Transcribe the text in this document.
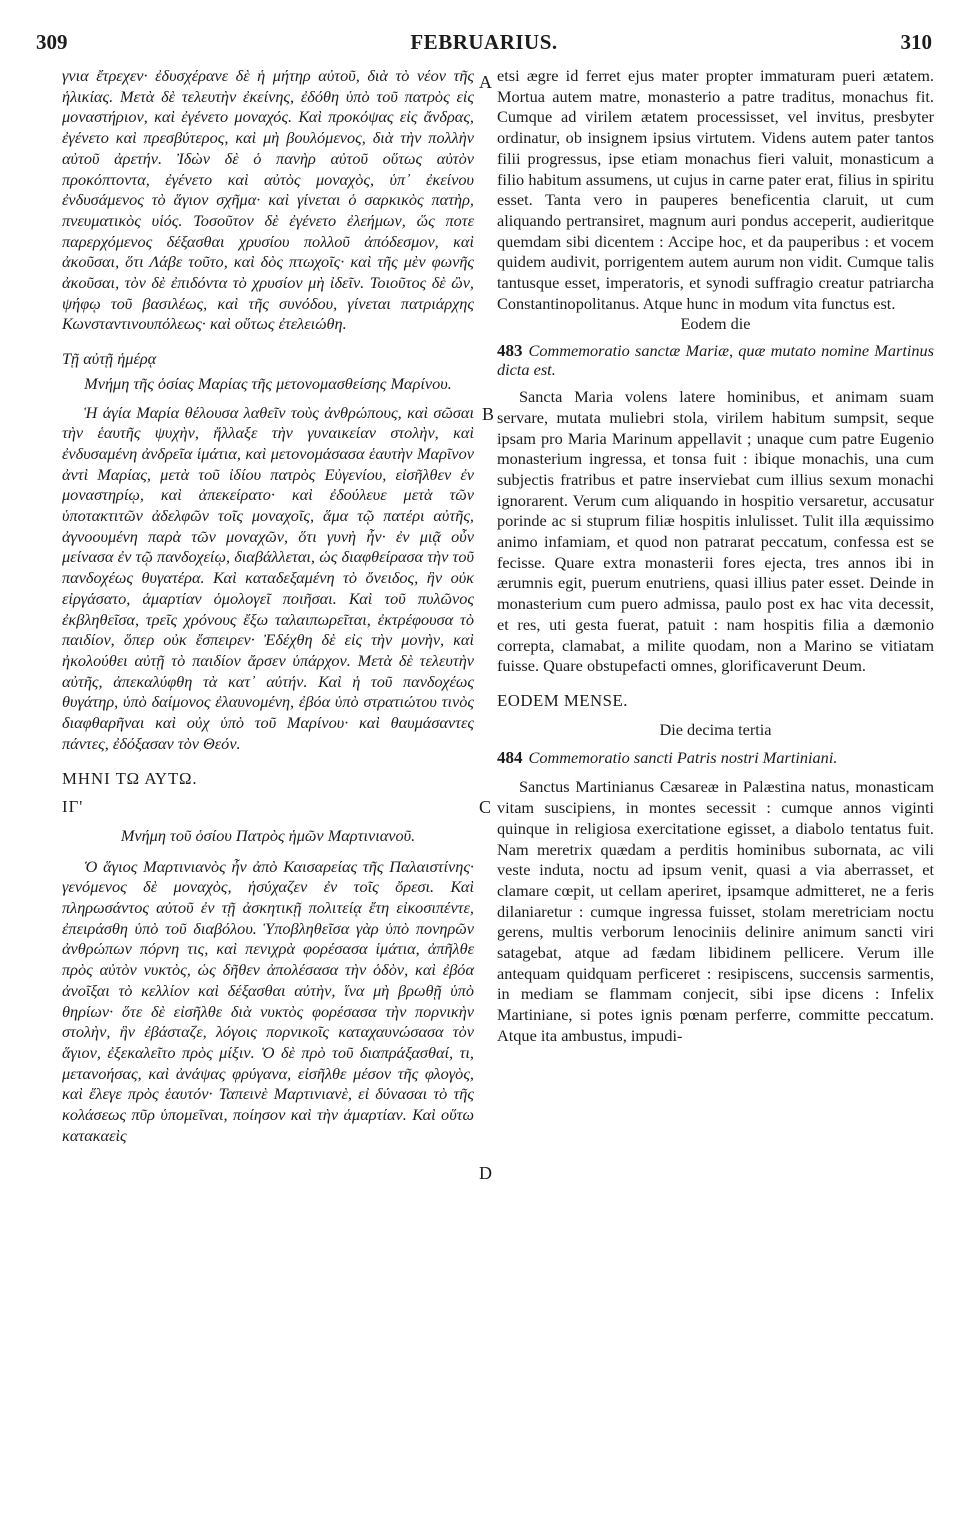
309	FEBRUARIUS.	310
A
B
C
D

γνια ἔτρεχεν· ἐδυσχέρανε δὲ ἡ μήτηρ αὐτοῦ, διὰ τὸ νέον τῆς ἡλικίας. Μετὰ δὲ τελευτὴν ἐκείνης, ἐδόθη ὑπὸ τοῦ πατρὸς εἰς μοναστήριον, καὶ ἐγένετο μοναχός. Καὶ προκόψας εἰς ἄνδρας, ἐγένετο καὶ πρεσβύτερος, καὶ μὴ βουλόμενος, διὰ τὴν πολλὴν αὐτοῦ ἀρετήν. Ἰδὼν δὲ ὁ πανὴρ αὐτοῦ οὕτως αὐτὸν προκόπτοντα, ἐγένετο καὶ αὐτὸς μοναχὸς, ὑπ᾽ ἐκείνου ἐνδυσάμενος τὸ ἅγιον σχῆμα· καὶ γίνεται ὁ σαρκικὸς πατὴρ, πνευματικὸς υἱός. Τοσοῦτον δὲ ἐγένετο ἐλεήμων, ὥς ποτε παρερχόμενος δέξασθαι χρυσίου πολλοῦ ἀπόδεσμον, καὶ ἀκοῦσαι, ὅτι Λάβε τοῦτο, καὶ δὸς πτωχοῖς· καὶ τῆς μὲν φωνῆς ἀκοῦσαι, τὸν δὲ ἐπιδόντα τὸ χρυσίον μὴ ἰδεῖν. Τοιοῦτος δὲ ὢν, ψήφῳ τοῦ βασιλέως, καὶ τῆς συνόδου, γίνεται πατριάρχης Κωνσταντινουπόλεως· καὶ οὕτως ἐτελειώθη.

Τῇ αὐτῇ ἡμέρᾳ

Μνήμη τῆς ὁσίας Μαρίας τῆς μετονομασθείσης Μαρίνου.

Ἡ ἁγία Μαρία θέλουσα λαθεῖν τοὺς ἀνθρώπους, καὶ σῶσαι τὴν ἑαυτῆς ψυχὴν, ἤλλαξε τὴν γυναικείαν στολὴν, καὶ ἐνδυσαμένη ἀνδρεῖα ἱμάτια, καὶ μετονομάσασα ἑαυτὴν Μαρῖνον ἀντὶ Μαρίας, μετὰ τοῦ ἰδίου πατρὸς Εὐγενίου, εἰσῆλθεν ἐν μοναστηρίῳ, καὶ ἀπεκείρατο· καὶ ἐδούλευε μετὰ τῶν ὑποτακτιτῶν ἀδελφῶν τοῖς μοναχοῖς, ἅμα τῷ πατέρι αὐτῆς, ἀγνοουμένη παρὰ τῶν μοναχῶν, ὅτι γυνὴ ἦν· ἐν μιᾷ οὖν μείνασα ἐν τῷ πανδοχείῳ, διαβάλλεται, ὡς διαφθείρασα τὴν τοῦ πανδοχέως θυγατέρα. Καὶ καταδεξαμένη τὸ ὄνειδος, ἣν οὐκ εἰργάσατο, ἁμαρτίαν ὁμολογεῖ ποιῆσαι. Καὶ τοῦ πυλῶνος ἐκβληθεῖσα, τρεῖς χρόνους ἔξω ταλαιπωρεῖται, ἐκτρέφουσα τὸ παιδίον, ὅπερ οὐκ ἔσπειρεν· Ἐδέχθη δὲ εἰς τὴν μονὴν, καὶ ἠκολούθει αὐτῇ τὸ παιδίον ἄρσεν ὑπάρχον. Μετὰ δὲ τελευτὴν αὐτῆς, ἀπεκαλύφθη τὰ κατ᾽ αὐτήν. Καὶ ἡ τοῦ πανδοχέως θυγάτηρ, ὑπὸ δαίμονος ἐλαυνομένη, ἐβόα ὑπὸ στρατιώτου τινὸς διαφθαρῆναι καὶ οὐχ ὑπὸ τοῦ Μαρίνου· καὶ θαυμάσαντες πάντες, ἐδόξασαν τὸν Θεόν.

ΜΗΝΙ ΤΩ ΑΥΤΩ.

ΙΓ'

Μνήμη τοῦ ὁσίου Πατρὸς ἡμῶν Μαρτινιανοῦ.

Ὁ ἅγιος Μαρτινιανὸς ἦν ἀπὸ Καισαρείας τῆς Παλαιστίνης· γενόμενος δὲ μοναχὸς, ἡσύχαζεν ἐν τοῖς ὄρεσι. Καὶ πληρωσάντος αὐτοῦ ἐν τῇ ἀσκητικῇ πολιτείᾳ ἔτη εἰκοσιπέντε, ἐπειράσθη ὑπὸ τοῦ διαβόλου. Ὑποβληθεῖσα γὰρ ὑπὸ πονηρῶν ἀνθρώπων πόρνη τις, καὶ πενιχρὰ φορέσασα ἱμάτια, ἀπῆλθε πρὸς αὐτὸν νυκτὸς, ὡς δῆθεν ἀπολέσασα τὴν ὁδὸν, καὶ ἐβόα ἀνοῖξαι τὸ κελλίον καὶ δέξασθαι αὐτὴν, ἵνα μὴ βρωθῇ ὑπὸ θηρίων· ὅτε δὲ εἰσῆλθε διὰ νυκτὸς φορέσασα τὴν πορνικὴν στολὴν, ἣν ἐβάσταζε, λόγοις πορνικοῖς καταχαυνώσασα τὸν ἅγιον, ἐξεκαλεῖτο πρὸς μίξιν. Ὁ δὲ πρὸ τοῦ διαπράξασθαί, τι, μετανοήσας, καὶ ἀνάψας φρύγανα, εἰσῆλθε μέσον τῆς φλογὸς, καὶ ἔλεγε πρὸς ἑαυτόν· Ταπεινὲ Μαρτινιανὲ, εἰ δύνασαι τὸ τῆς κολάσεως πῦρ ὑπομεῖναι, ποίησον καὶ τὴν ἁμαρτίαν. Καὶ οὕτω κατακαεὶς

etsi ægre id ferret ejus mater propter immaturam pueri ætatem. Mortua autem matre, monasterio a patre traditus, monachus fit. Cumque ad virilem ætatem processisset, vel invitus, presbyter ordinatur, ob insignem ipsius virtutem. Videns autem pater tantos filii progressus, ipse etiam monachus fieri valuit, monasticum a filio habitum assumens, ut cujus in carne pater erat, filius in spiritu esset. Tanta vero in pauperes beneficentia claruit, ut cum aliquando pertransiret, magnum auri pondus acceperit, audieritque quemdam sibi dicentem : Accipe hoc, et da pauperibus : et vocem quidem audivit, porrigentem autem aurum non vidit. Cumque talis tantusque esset, imperatoris, et synodi suffragio creatur patriarcha Constantinopolitanus. Atque hunc in modum vita functus est.

Eodem die

483 Commemoratio sanctæ Mariæ, quæ mutato nomine Martinus dicta est.

Sancta Maria volens latere hominibus, et animam suam servare, mutata muliebri stola, virilem habitum sumpsit, seque ipsam pro Maria Marinum appellavit ; unaque cum patre Eugenio monasterium ingressa, et tonsa fuit : ibique monachis, una cum subjectis fratribus et patre inserviebat cum illius sexum monachi ignorarent. Verum cum aliquando in hospitio versaretur, accusatur porinde ac si stuprum filiæ hospitis inlulisset. Tulit illa æquissimo animo infamiam, et quod non patrarat peccatum, confessa est se fecisse. Quare extra monasterii fores ejecta, tres annos ibi in ærumnis egit, puerum enutriens, quasi illius pater esset. Deinde in monasterium cum puero admissa, paulo post ex hac vita decessit, et res, uti gesta fuerat, patuit : nam hospitis filia a dæmonio correpta, clamabat, a milite quodam, non a Marino se vitiatam fuisse. Quare obstupefacti omnes, glorificaverunt Deum.

EODEM MENSE.

Die decima tertia

484 Commemoratio sancti Patris nostri Martiniani.

Sanctus Martinianus Cæsareæ in Palæstina natus, monasticam vitam suscipiens, in montes secessit : cumque annos viginti quinque in religiosa exercitatione egisset, a diabolo tentatus fuit. Nam meretrix quædam a perditis hominibus subornata, ac vili veste induta, noctu ad ipsum venit, quasi a via aberrasset, et clamare cœpit, ut cellam aperiret, ipsamque admitteret, ne a feris dilaniaretur : cumque ingressa fuisset, stolam meretriciam noctu gerens, multis verborum lenociniis delinire animum sancti viri satagebat, atque ad fædam libidinem pellicere. Verum ille antequam quidquam perficeret : resipiscens, succensis sarmentis, in mediam se flammam conjecit, sibi ipse dicens : Infelix Martiniane, si potes ignis pœnam perferre, committe peccatum. Atque ita ambustus, impudi-
